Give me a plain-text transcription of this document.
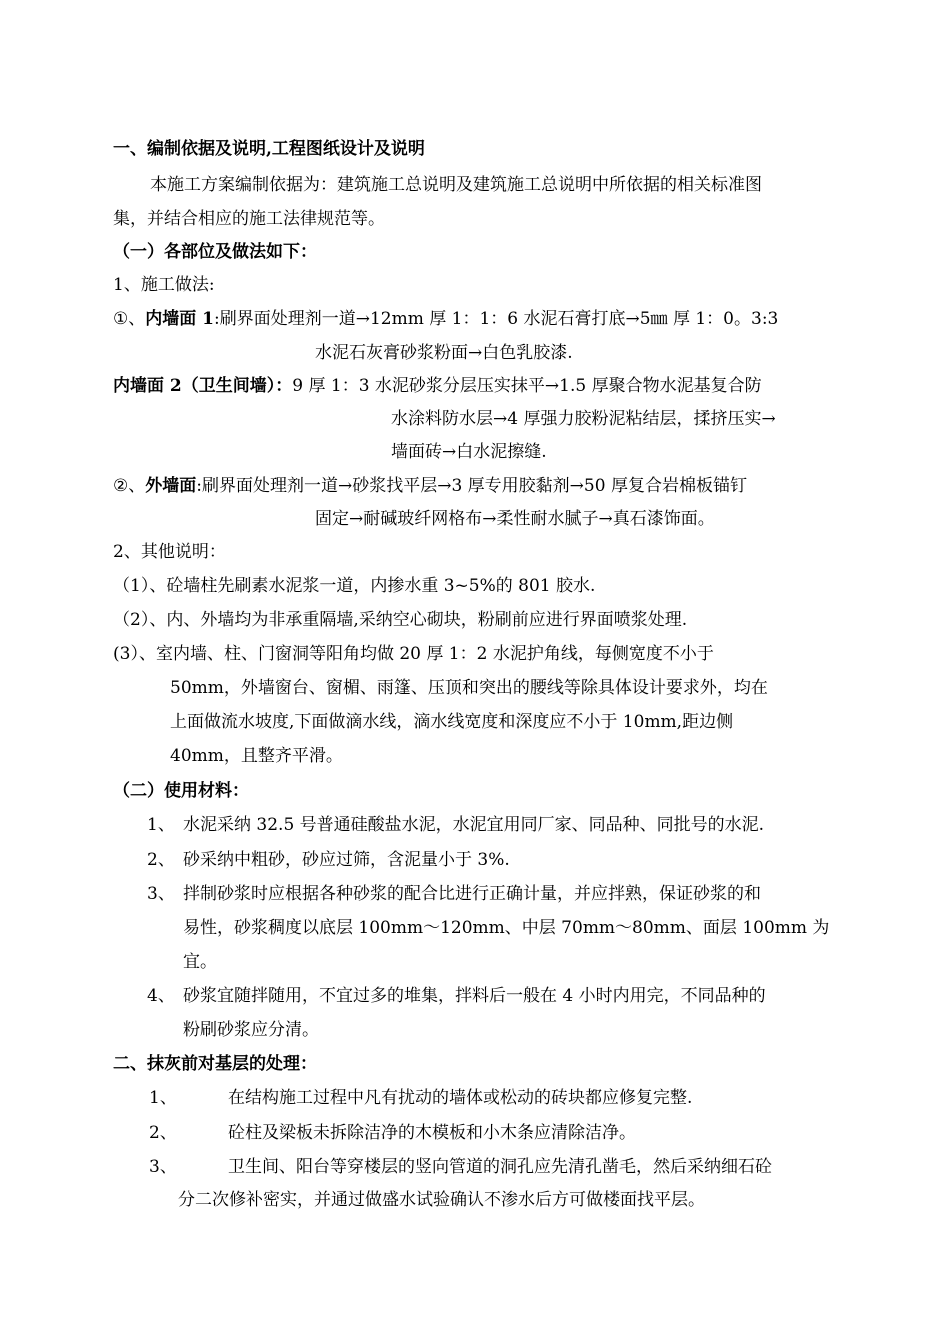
一、编制依据及说明,工程图纸设计及说明
本施工方案编制依据为：建筑施工总说明及建筑施工总说明中所依据的相关标准图
集，并结合相应的施工法律规范等。
（一）各部位及做法如下：
1、施工做法:
①、内墙面 1:刷界面处理剂一道→12mm 厚 1：1：6 水泥石膏打底→5㎜ 厚 1：0。3:3
水泥石灰膏砂浆粉面→白色乳胶漆.
内墙面 2（卫生间墙）：9 厚 1：3 水泥砂浆分层压实抹平→1.5 厚聚合物水泥基复合防
水涂料防水层→4 厚强力胶粉泥粘结层，揉挤压实→
墙面砖→白水泥擦缝.
②、外墙面:刷界面处理剂一道→砂浆找平层→3 厚专用胶黏剂→50 厚复合岩棉板锚钉
固定→耐碱玻纤网格布→柔性耐水腻子→真石漆饰面。
2、其他说明：
（1）、砼墙柱先刷素水泥浆一道，内掺水重 3~5%的 801 胶水.
（2）、内、外墙均为非承重隔墙,采纳空心砌块，粉刷前应进行界面喷浆处理.
(3）、室内墙、柱、门窗洞等阳角均做 20 厚 1：2 水泥护角线，每侧宽度不小于
50mm，外墙窗台、窗楣、雨篷、压顶和突出的腰线等除具体设计要求外，均在
上面做流水坡度,下面做滴水线，滴水线宽度和深度应不小于 10mm,距边侧
40mm，且整齐平滑。
（二）使用材料：
1、 水泥采纳 32.5 号普通硅酸盐水泥，水泥宜用同厂家、同品种、同批号的水泥.
2、 砂采纳中粗砂，砂应过筛，含泥量小于 3%.
3、 拌制砂浆时应根据各种砂浆的配合比进行正确计量，并应拌熟，保证砂浆的和
易性，砂浆稠度以底层 100mm～120mm、中层 70mm～80mm、面层 100mm 为
宜。
4、 砂浆宜随拌随用，不宜过多的堆集，拌料后一般在 4 小时内用完，不同品种的
粉刷砂浆应分清。
二、抹灰前对基层的处理：
1、	在结构施工过程中凡有扰动的墙体或松动的砖块都应修复完整.
2、	砼柱及梁板未拆除洁净的木模板和小木条应清除洁净。
3、	卫生间、阳台等穿楼层的竖向管道的洞孔应先清孔凿毛，然后采纳细石砼
分二次修补密实，并通过做盛水试验确认不渗水后方可做楼面找平层。
